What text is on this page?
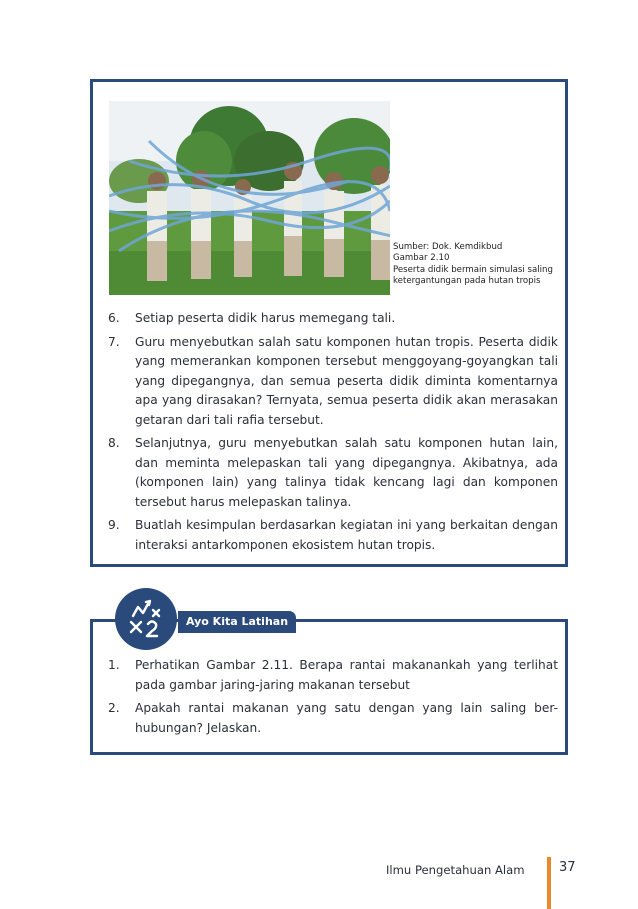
Sumber: Dok. Kemdikbud
Gambar 2.10
Peserta didik bermain simulasi saling
ketergantungan pada hutan tropis
6. Setiap peserta didik harus memegang tali.
7. Guru menyebutkan salah satu komponen hutan tropis. Peserta didik yang memerankan komponen tersebut menggoyang-goyangkan tali yang dipegangnya, dan semua peserta didik diminta komentarnya apa yang dirasakan? Ternyata, semua peserta didik akan merasakan getaran dari tali rafia tersebut.
8. Selanjutnya, guru menyebutkan salah satu komponen hutan lain, dan meminta melepaskan tali yang dipegangnya. Akibatnya, ada (komponen lain) yang talinya tidak kencang lagi dan komponen tersebut harus melepaskan talinya.
9. Buatlah kesimpulan berdasarkan kegiatan ini yang berkaitan dengan interaksi antarkomponen ekosistem hutan tropis.
Ayo Kita Latihan
1. Perhatikan Gambar 2.11. Berapa rantai makanankah yang terlihat pada gambar jaring-jaring makanan tersebut
2. Apakah rantai makanan yang satu dengan yang lain saling ber-hubungan? Jelaskan.
Ilmu Pengetahuan Alam	37
